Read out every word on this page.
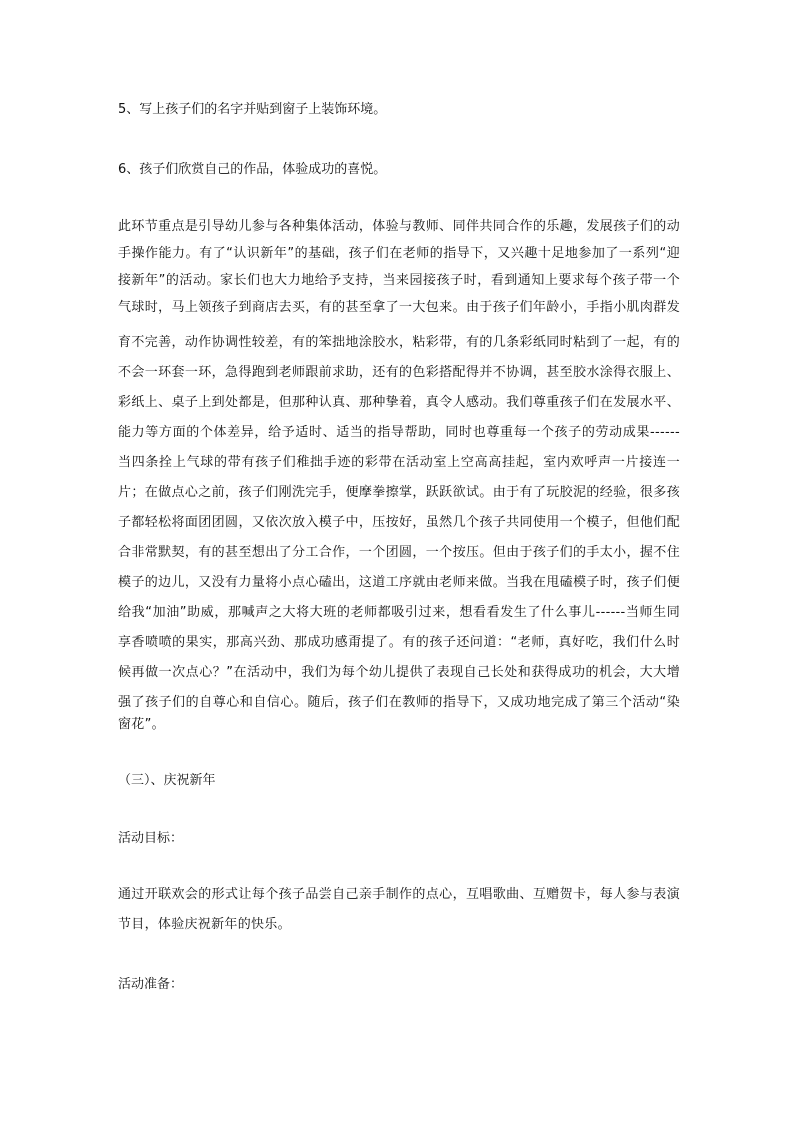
5、写上孩子们的名字并贴到窗子上装饰环境。
6、孩子们欣赏自己的作品，体验成功的喜悦。
此环节重点是引导幼儿参与各种集体活动，体验与教师、同伴共同合作的乐趣，发展孩子们的动
手操作能力。有了“认识新年”的基础，孩子们在老师的指导下，又兴趣十足地参加了一系列“迎
接新年”的活动。家长们也大力地给予支持，当来园接孩子时，看到通知上要求每个孩子带一个
气球时，马上领孩子到商店去买，有的甚至拿了一大包来。由于孩子们年龄小，手指小肌肉群发
育不完善，动作协调性较差，有的笨拙地涂胶水，粘彩带，有的几条彩纸同时粘到了一起，有的
不会一环套一环，急得跑到老师跟前求助，还有的色彩搭配得并不协调，甚至胶水涂得衣服上、
彩纸上、桌子上到处都是，但那种认真、那种挚着，真令人感动。我们尊重孩子们在发展水平、
能力等方面的个体差异，给予适时、适当的指导帮助，同时也尊重每一个孩子的劳动成果------
当四条拴上气球的带有孩子们稚拙手迹的彩带在活动室上空高高挂起，室内欢呼声一片接连一
片；在做点心之前，孩子们刚洗完手，便摩拳擦掌，跃跃欲试。由于有了玩胶泥的经验，很多孩
子都轻松将面团团圆，又依次放入模子中，压按好，虽然几个孩子共同使用一个模子，但他们配
合非常默契，有的甚至想出了分工合作，一个团圆，一个按压。但由于孩子们的手太小，握不住
模子的边儿，又没有力量将小点心磕出，这道工序就由老师来做。当我在甩磕模子时，孩子们便
给我“加油”助威，那喊声之大将大班的老师都吸引过来，想看看发生了什么事儿------当师生同
享香喷喷的果实，那高兴劲、那成功感甭提了。有的孩子还问道：“老师，真好吃，我们什么时
候再做一次点心？”在活动中，我们为每个幼儿提供了表现自己长处和获得成功的机会，大大增
强了孩子们的自尊心和自信心。随后，孩子们在教师的指导下，又成功地完成了第三个活动“染
窗花”。
（三）、庆祝新年
活动目标：
通过开联欢会的形式让每个孩子品尝自己亲手制作的点心，互唱歌曲、互赠贺卡，每人参与表演
节目，体验庆祝新年的快乐。
活动准备：
